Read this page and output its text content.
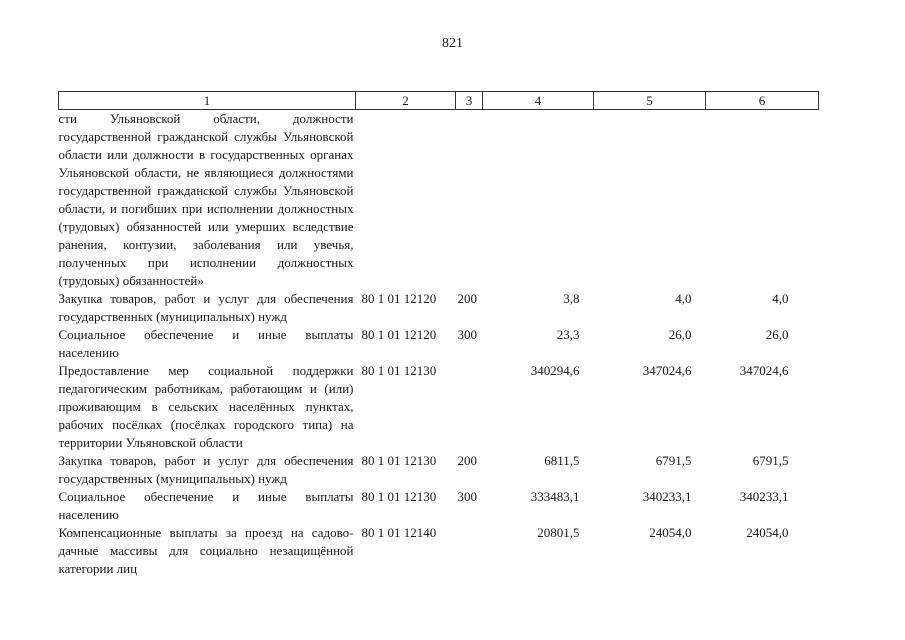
821
1	2	3	4	5	6
сти Ульяновской области, должности государственной гражданской службы Ульяновской области или должности в государственных органах Ульяновской области, не являющиеся должностями государственной гражданской службы Ульяновской области, и погибших при исполнении должностных (трудовых) обязанностей или умерших вследствие ранения, контузии, заболевания или увечья, полученных при исполнении должностных (трудовых) обязанностей»					
Закупка товаров, работ и услуг для обеспечения государственных (муниципальных) нужд	80 1 01 12120	200	3,8	4,0	4,0
Социальное обеспечение и иные выплаты населению	80 1 01 12120	300	23,3	26,0	26,0
Предоставление мер социальной поддержки педагогическим работникам, работающим и (или) проживающим в сельских населённых пунктах, рабочих посёлках (посёлках городского типа) на территории Ульяновской области	80 1 01 12130		340294,6	347024,6	347024,6
Закупка товаров, работ и услуг для обеспечения государственных (муниципальных) нужд	80 1 01 12130	200	6811,5	6791,5	6791,5
Социальное обеспечение и иные выплаты населению	80 1 01 12130	300	333483,1	340233,1	340233,1
Компенсационные выплаты за проезд на садово-дачные массивы для социально незащищённой категории лиц	80 1 01 12140		20801,5	24054,0	24054,0
